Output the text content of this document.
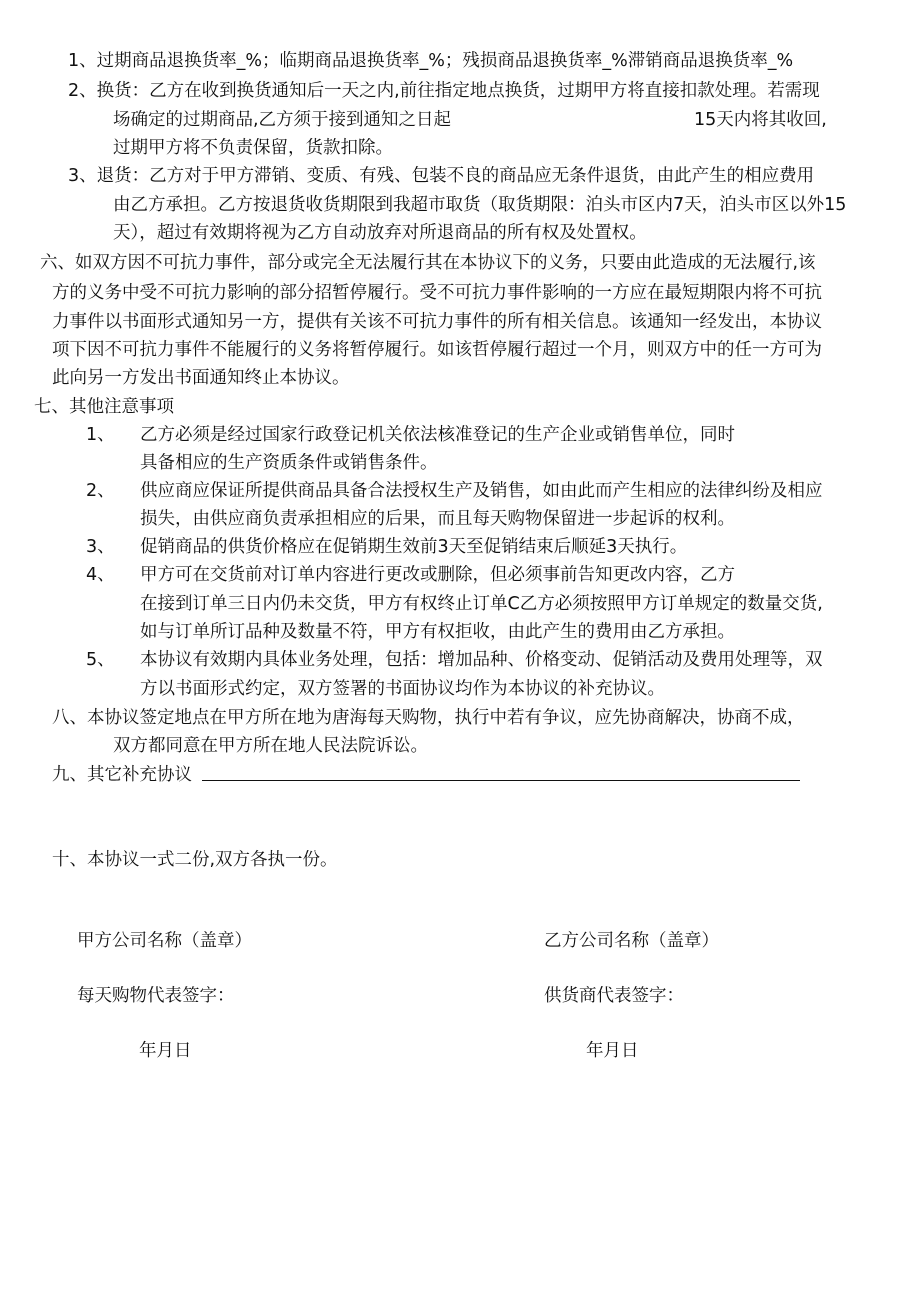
1、过期商品退换货率_%；临期商品退换货率_%；残损商品退换货率_%滞销商品退换货率_%
2、换货：乙方在收到换货通知后一天之内,前往指定地点换货，过期甲方将直接扣款处理。若需现
场确定的过期商品,乙方须于接到通知之日起	15天内将其收回,
过期甲方将不负责保留，货款扣除。
3、退货：乙方对于甲方滞销、变质、有残、包装不良的商品应无条件退货，由此产生的相应费用
由乙方承担。乙方按退货收货期限到我超市取货（取货期限：泊头市区内7天，泊头市区以外15
天），超过有效期将视为乙方自动放弃对所退商品的所有权及处置权。
六、如双方因不可抗力事件，部分或完全无法履行其在本协议下的义务，只要由此造成的无法履行,该
方的义务中受不可抗力影响的部分招暂停履行。受不可抗力事件影响的一方应在最短期限内将不可抗
力事件以书面形式通知另一方，提供有关该不可抗力事件的所有相关信息。该通知一经发出，本协议
项下因不可抗力事件不能履行的义务将暂停履行。如该哲停履行超过一个月，则双方中的任一方可为
此向另一方发出书面通知终止本协议。
七、其他注意事项
1、 乙方必须是经过国家行政登记机关依法核准登记的生产企业或销售单位，同时
具备相应的生产资质条件或销售条件。
2、 供应商应保证所提供商品具备合法授权生产及销售，如由此而产生相应的法律纠纷及相应
损失，由供应商负责承担相应的后果，而且每天购物保留进一步起诉的权利。
3、 促销商品的供货价格应在促销期生效前3天至促销结束后顺延3天执行。
4、 甲方可在交货前对订单内容进行更改或删除，但必须事前告知更改内容，乙方
在接到订单三日内仍未交货，甲方有权终止订单C乙方必须按照甲方订单规定的数量交货,
如与订单所订品种及数量不符，甲方有权拒收，由此产生的费用由乙方承担。
5、 本协议有效期内具体业务处理，包括：增加品种、价格变动、促销活动及费用处理等，双
方以书面形式约定，双方签署的书面协议均作为本协议的补充协议。
八、本协议签定地点在甲方所在地为唐海每天购物，执行中若有争议，应先协商解决，协商不成，
双方都同意在甲方所在地人民法院诉讼。
九、其它补充协议
十、本协议一式二份,双方各执一份。
甲方公司名称（盖章）
每天购物代表签字：
年月日
乙方公司名称（盖章）
供货商代表签字：
年月日
